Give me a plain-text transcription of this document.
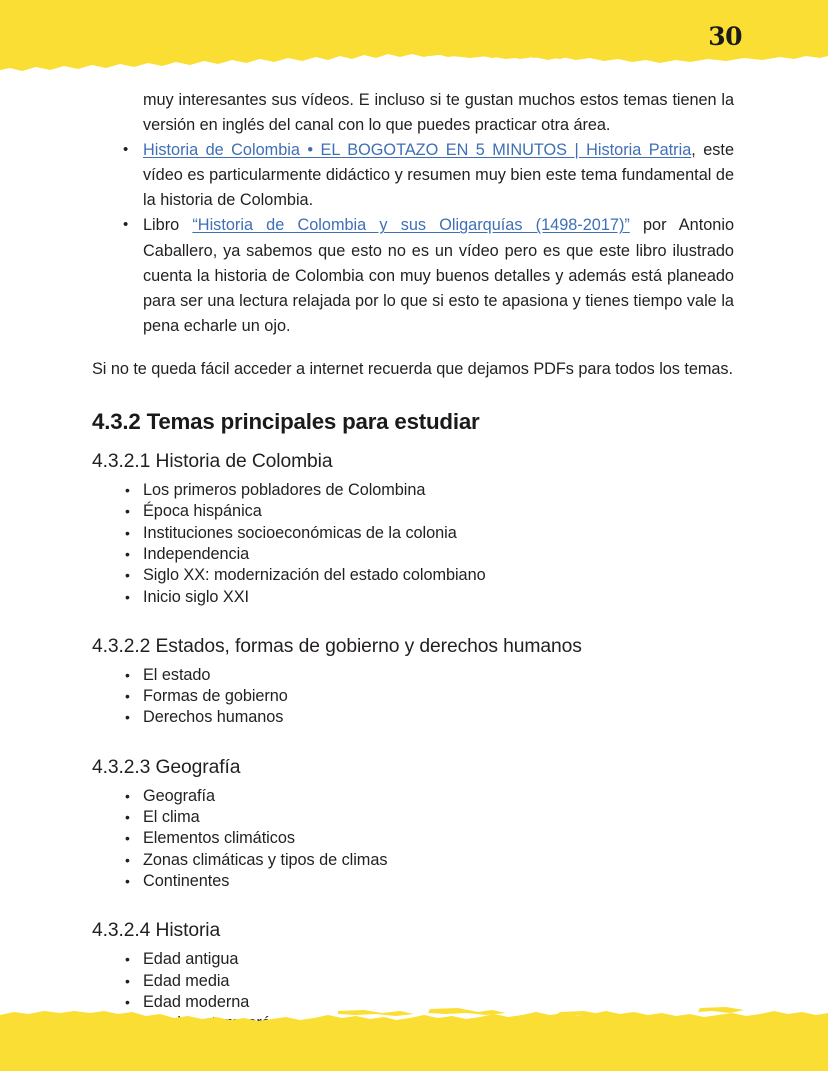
30

muy interesantes sus vídeos. E incluso si te gustan muchos estos temas tienen la versión en inglés del canal con lo que puedes practicar otra área.

• Historia de Colombia • EL BOGOTAZO EN 5 MINUTOS | Historia Patria, este vídeo es particularmente didáctico y resumen muy bien este tema fundamental de la historia de Colombia.
• Libro “Historia de Colombia y sus Oligarquías (1498-2017)” por Antonio Caballero, ya sabemos que esto no es un vídeo pero es que este libro ilustrado cuenta la historia de Colombia con muy buenos detalles y además está planeado para ser una lectura relajada por lo que si esto te apasiona y tienes tiempo vale la pena echarle un ojo.

Si no te queda fácil acceder a internet recuerda que dejamos PDFs para todos los temas.

4.3.2 Temas principales para estudiar
4.3.2.1 Historia de Colombia
• Los primeros pobladores de Colombina
• Época hispánica
• Instituciones socioeconómicas de la colonia
• Independencia
• Siglo XX: modernización del estado colombiano
• Inicio siglo XXI
4.3.2.2 Estados, formas de gobierno y derechos humanos
• El estado
• Formas de gobierno
• Derechos humanos
4.3.2.3 Geografía
• Geografía
• El clima
• Elementos climáticos
• Zonas climáticas y tipos de climas
• Continentes
4.3.2.4 Historia
• Edad antigua
• Edad media
• Edad moderna
•
